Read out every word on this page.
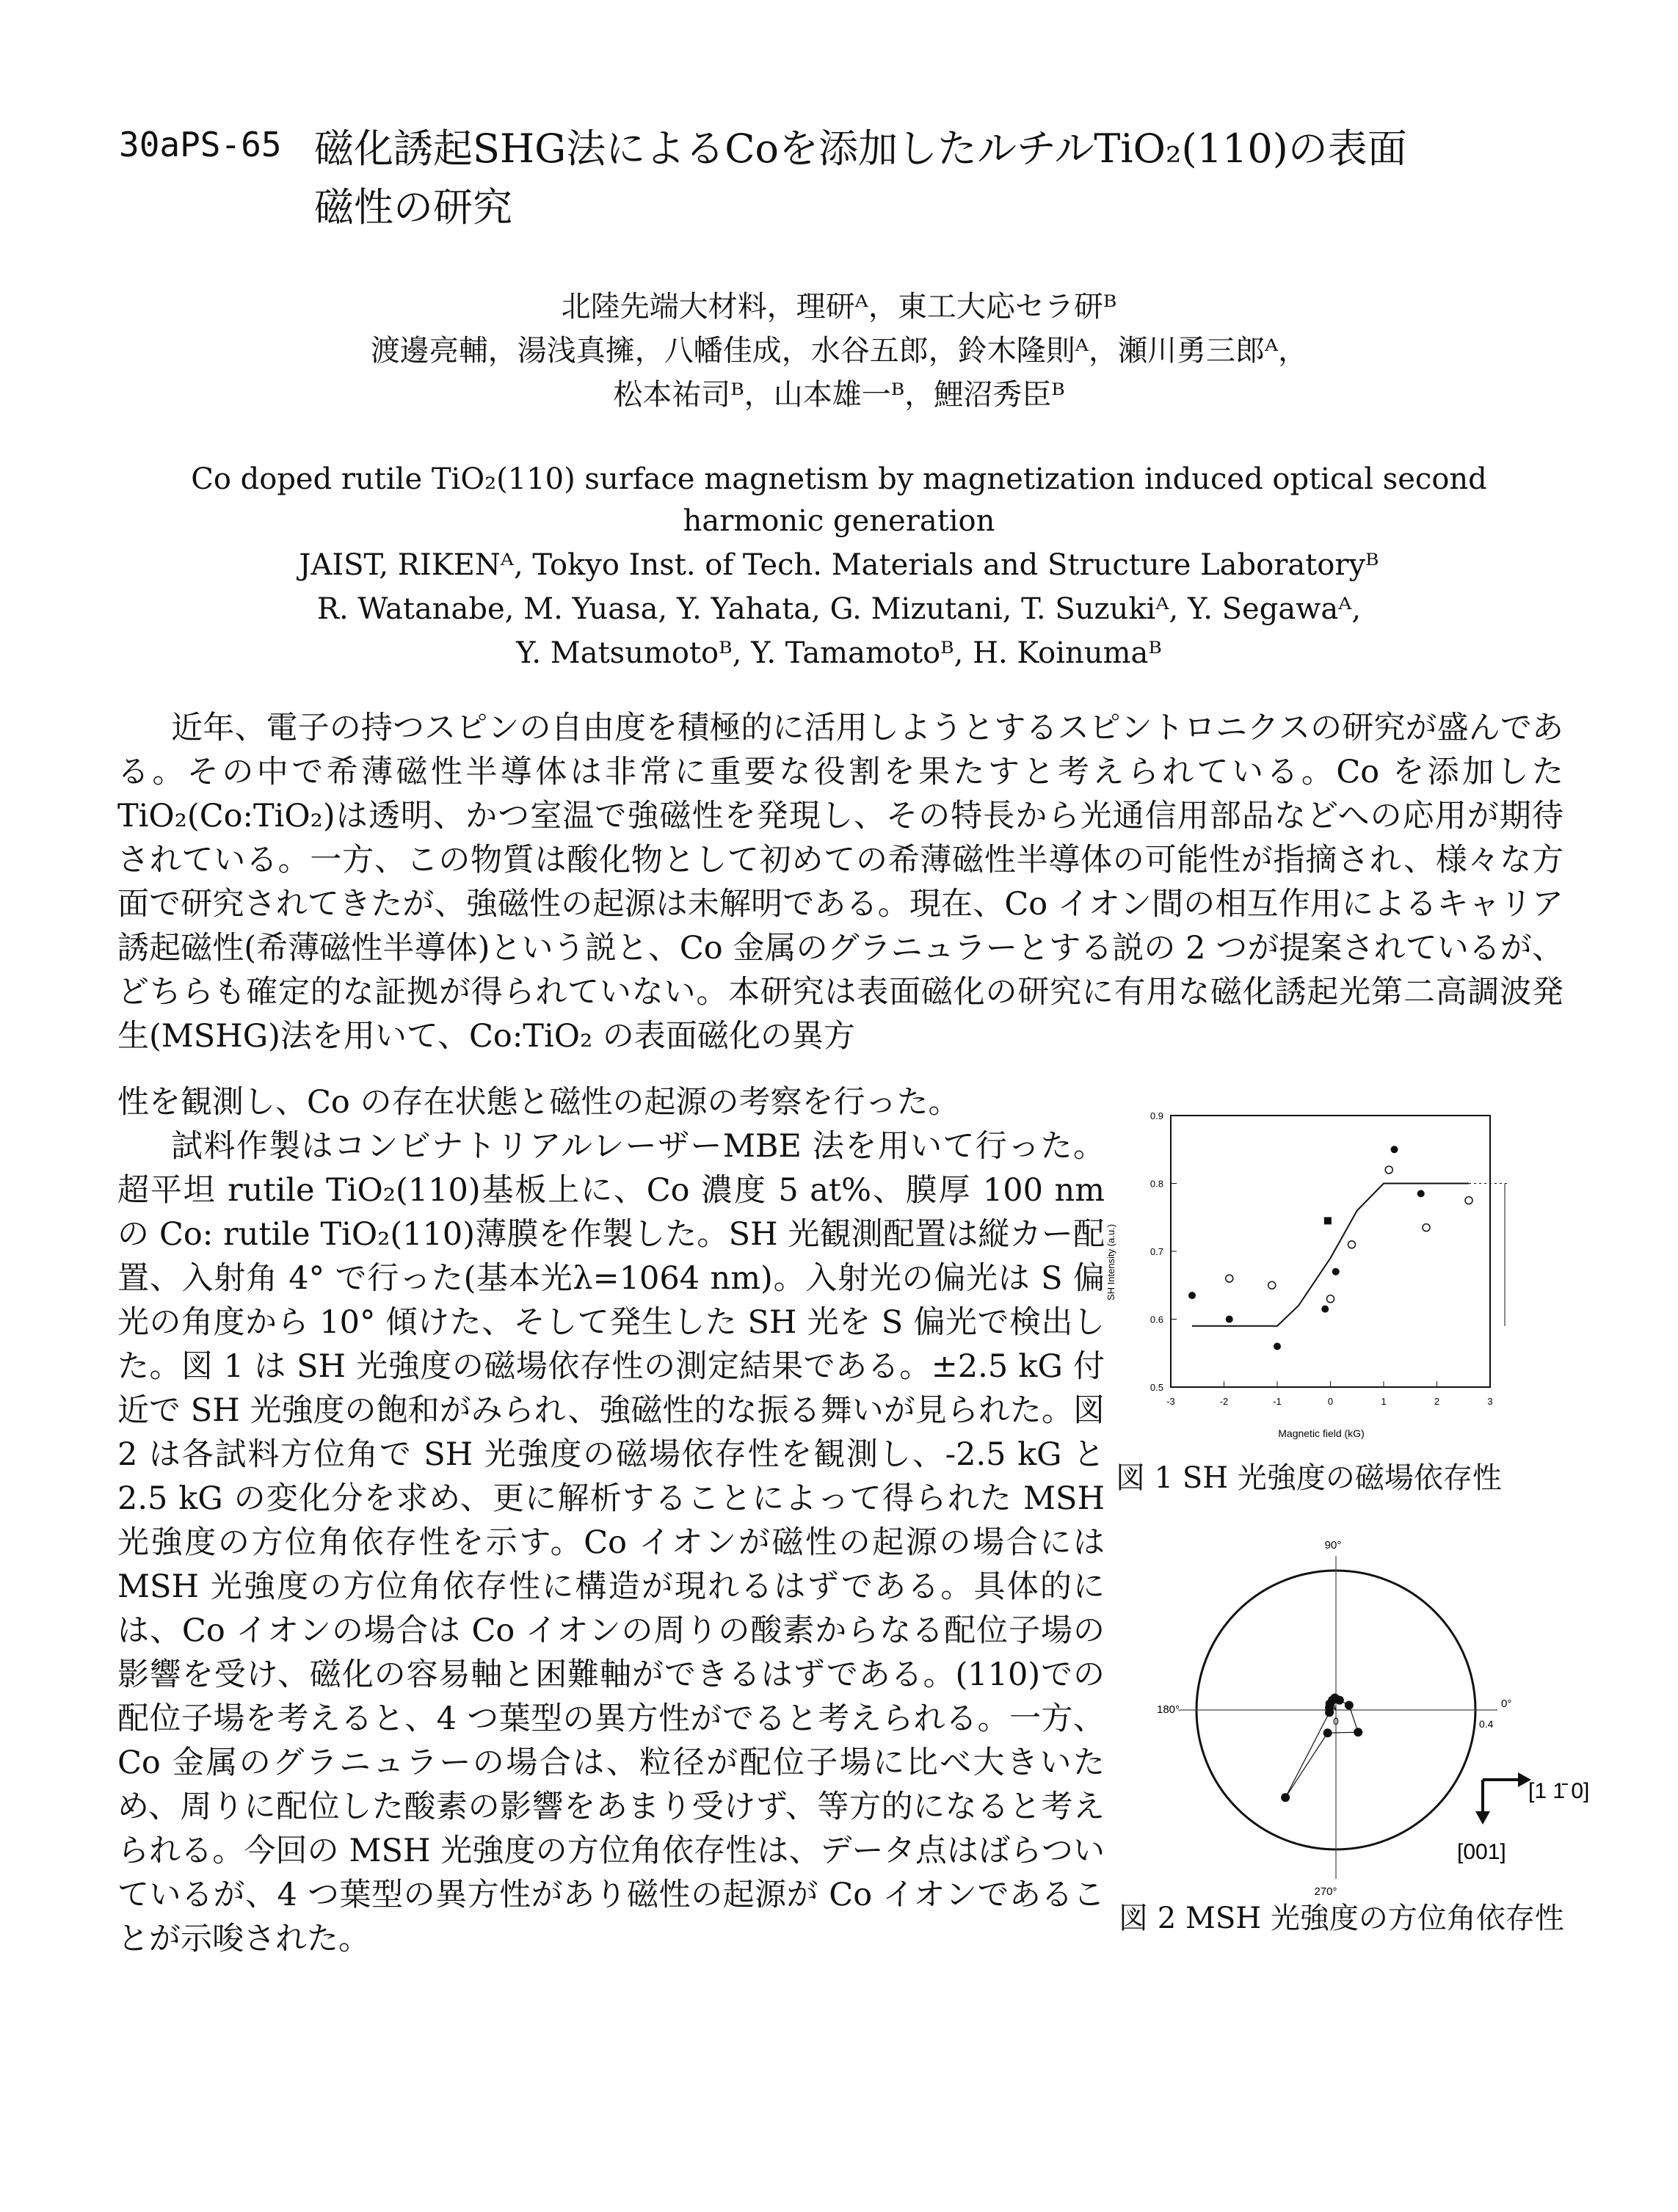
30aPS-65 磁化誘起SHG法によるCoを添加したルチルTiO₂(110)の表面
磁性の研究
北陸先端大材料，理研ᴬ，東工大応セラ研ᴮ
渡邊亮輔，湯浅真擁，八幡佳成，水谷五郎，鈴木隆則ᴬ，瀬川勇三郎ᴬ，
松本祐司ᴮ，山本雄一ᴮ，鯉沼秀臣ᴮ
Co doped rutile TiO₂(110) surface magnetism by magnetization induced optical second
harmonic generation
JAIST, RIKENᴬ, Tokyo Inst. of Tech. Materials and Structure Laboratoryᴮ
R. Watanabe, M. Yuasa, Y. Yahata, G. Mizutani, T. Suzukiᴬ, Y. Segawaᴬ,
Y. Matsumotoᴮ, Y. Tamamotoᴮ, H. Koinumaᴮ
近年、電子の持つスピンの自由度を積極的に活用しようとするスピントロニクスの研究が盛んである。その中で希薄磁性半導体は非常に重要な役割を果たすと考えられている。Co を添加した TiO₂(Co:TiO₂)は透明、かつ室温で強磁性を発現し、その特長から光通信用部品などへの応用が期待されている。一方、この物質は酸化物として初めての希薄磁性半導体の可能性が指摘され、様々な方面で研究されてきたが、強磁性の起源は未解明である。現在、Co イオン間の相互作用によるキャリア誘起磁性(希薄磁性半導体)という説と、Co 金属のグラニュラーとする説の 2 つが提案されているが、どちらも確定的な証拠が得られていない。本研究は表面磁化の研究に有用な磁化誘起光第二高調波発生(MSHG)法を用いて、Co:TiO₂ の表面磁化の異方
性を観測し、Co の存在状態と磁性の起源の考察を行った。
試料作製はコンビナトリアルレーザーMBE 法を用いて行った。超平坦 rutile TiO₂(110)基板上に、Co 濃度 5 at%、膜厚 100 nm の Co: rutile TiO₂(110)薄膜を作製した。SH 光観測配置は縦カー配置、入射角 4° で行った(基本光λ=1064 nm)。入射光の偏光は S 偏光の角度から 10° 傾けた、そして発生した SH 光を S 偏光で検出した。図 1 は SH 光強度の磁場依存性の測定結果である。±2.5 kG 付近で SH 光強度の飽和がみられ、強磁性的な振る舞いが見られた。図 2 は各試料方位角で SH 光強度の磁場依存性を観測し、-2.5 kG と 2.5 kG の変化分を求め、更に解析することによって得られた MSH 光強度の方位角依存性を示す。Co イオンが磁性の起源の場合には MSH 光強度の方位角依存性に構造が現れるはずである。具体的には、Co イオンの場合は Co イオンの周りの酸素からなる配位子場の影響を受け、磁化の容易軸と困難軸ができるはずである。(110)での配位子場を考えると、4 つ葉型の異方性がでると考えられる。一方、Co 金属のグラニュラーの場合は、粒径が配位子場に比べ大きいため、周りに配位した酸素の影響をあまり受けず、等方的になると考えられる。今回の MSH 光強度の方位角依存性は、データ点はばらついているが、4 つ葉型の異方性があり磁性の起源が Co イオンであることが示唆された。
-3	-2	-1	0	1	2	3
0.5
0.6
0.7
0.8
0.9
Magnetic field (kG)
SH Intensity (a.u.)
図 1 SH 光強度の磁場依存性
90°
180°	0°
270°
0	0.4
[1 1̄ 0]
[001]
図 2 MSH 光強度の方位角依存性
